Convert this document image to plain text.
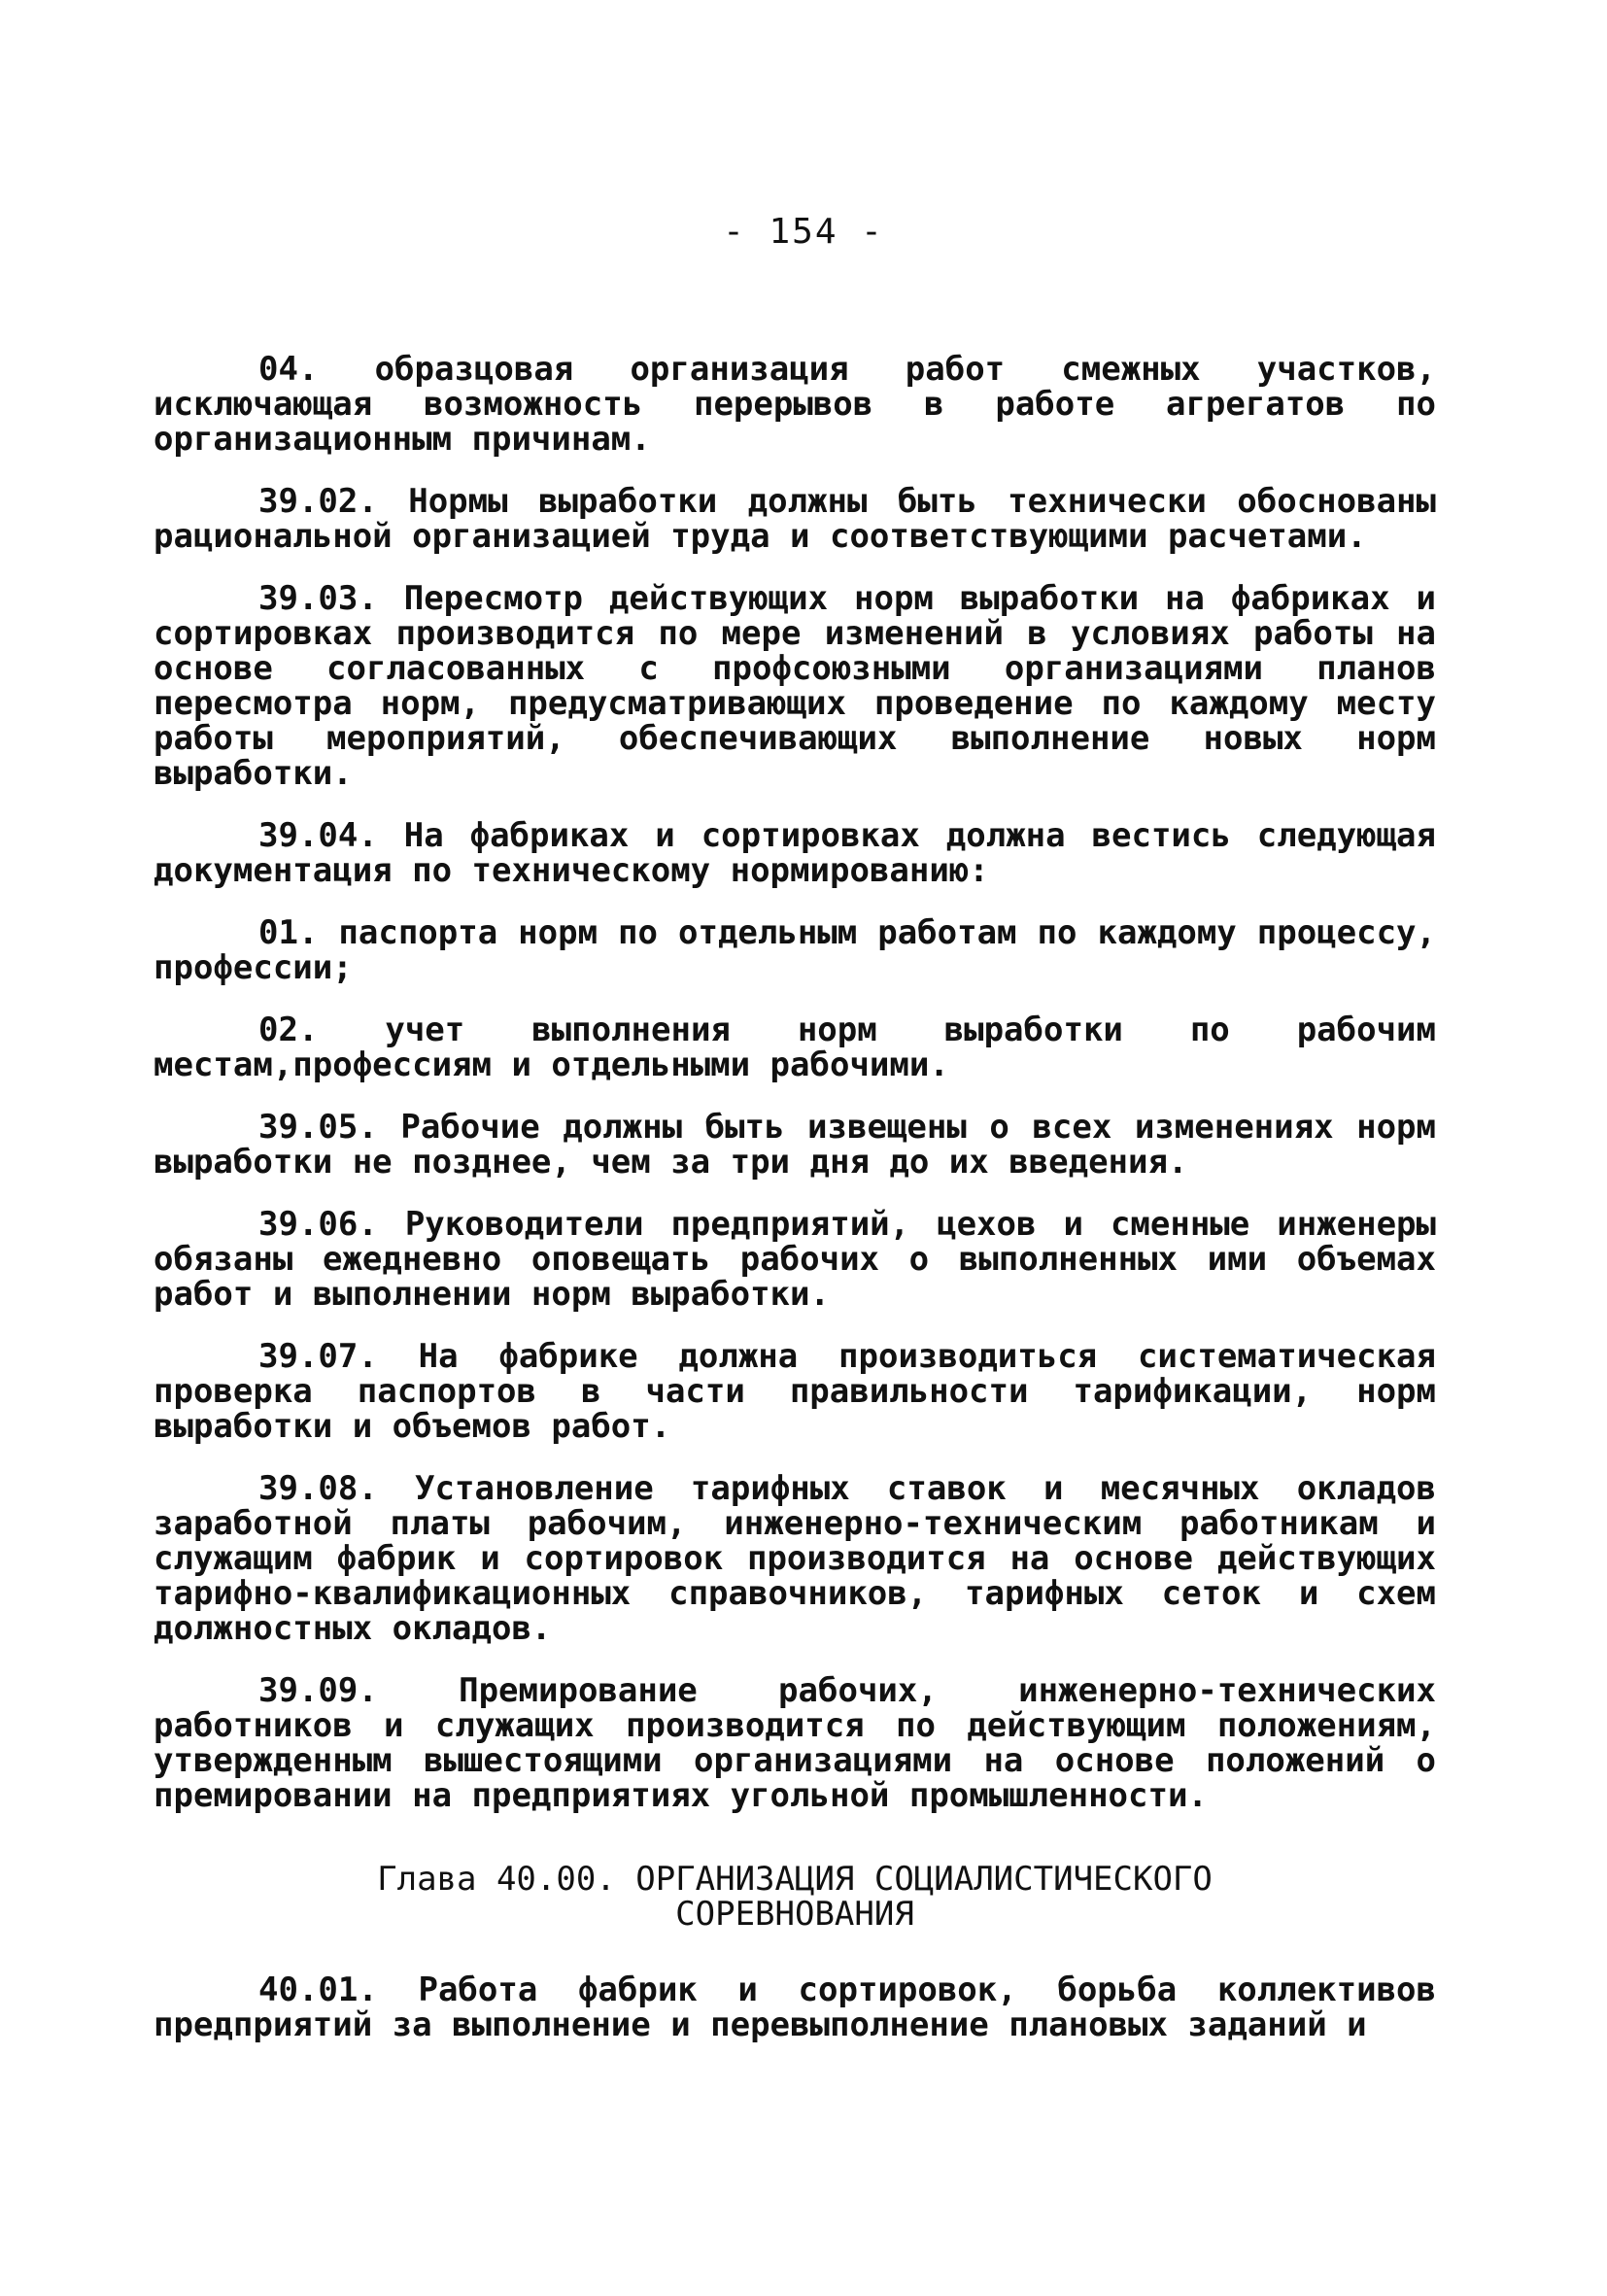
- 154 -

04. образцовая организация работ смежных участков, исключающая возможность перерывов в работе агрегатов по организационным причинам.

39.02. Нормы выработки должны быть технически обоснованы рациональной организацией труда и соответствующими расчетами.

39.03. Пересмотр действующих норм выработки на фабриках и сортировках производится по мере изменений в условиях работы на основе согласованных с профсоюзными организациями планов пересмотра норм, предусматривающих проведение по каждому месту работы мероприятий, обеспечивающих выполнение новых норм выработки.

39.04. На фабриках и сортировках должна вестись следующая документация по техническому нормированию:

01. паспорта норм по отдельным работам по каждому процессу, профессии;

02. учет выполнения норм выработки по рабочим местам,профессиям и отдельными рабочими.

39.05. Рабочие должны быть извещены о всех изменениях норм выработки не позднее, чем за три дня до их введения.

39.06. Руководители предприятий, цехов и сменные инженеры обязаны ежедневно оповещать рабочих о выполненных ими объемах работ и выполнении норм выработки.

39.07. На фабрике должна производиться систематическая проверка паспортов в части правильности тарификации, норм выработки и объемов работ.

39.08. Установление тарифных ставок и месячных окладов заработной платы рабочим, инженерно-техническим работникам и служащим фабрик и сортировок производится на основе действующих тарифно-квалификационных справочников, тарифных сеток и схем должностных окладов.

39.09. Премирование рабочих, инженерно-технических работников и служащих производится по действующим положениям, утвержденным вышестоящими организациями на основе положений о премировании на предприятиях угольной промышленности.

Глава 40.00. ОРГАНИЗАЦИЯ СОЦИАЛИСТИЧЕСКОГО
СОРЕВНОВАНИЯ

40.01. Работа фабрик и сортировок, борьба коллективов предприятий за выполнение и перевыполнение плановых заданий и
